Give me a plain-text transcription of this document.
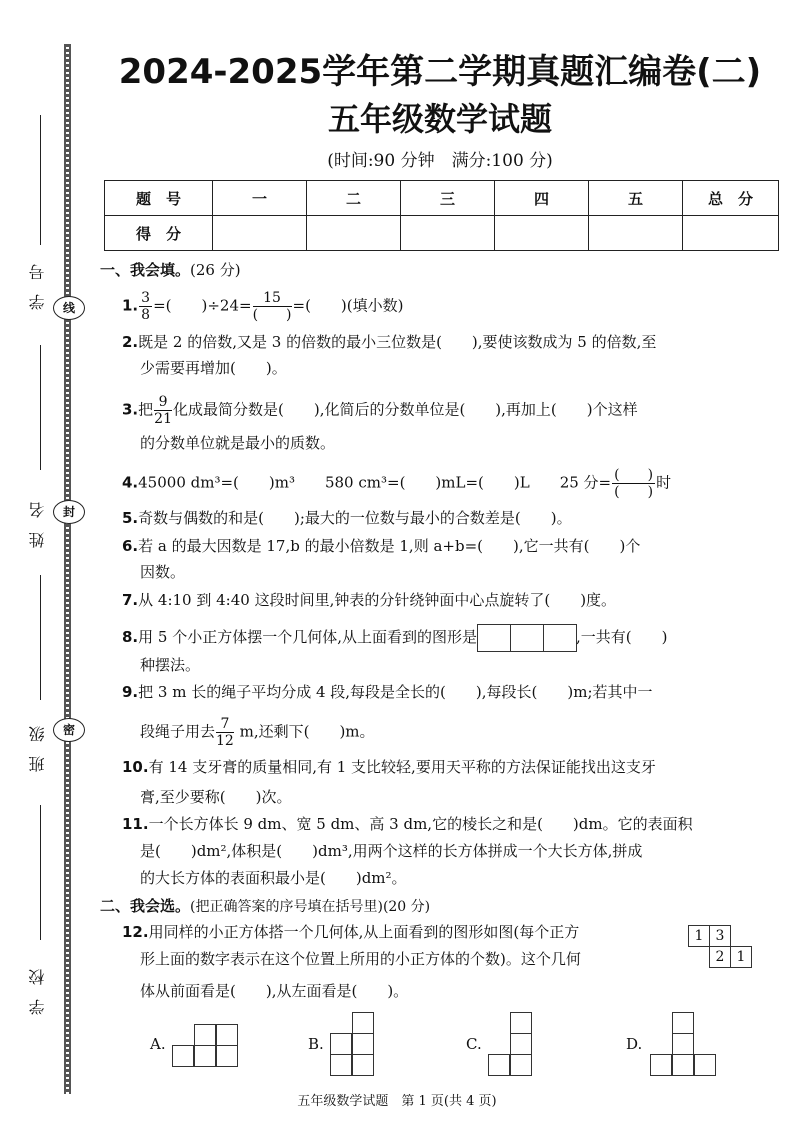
线
封
密
学号
姓名
班级
学校
2024-2025学年第二学期真题汇编卷(二)
五年级数学试题
(时间:90 分钟　满分:100 分)
题　号	一	二	三	四	五	总　分
得　分						
一、我会填。(26 分)
1. $\frac{3}{8}$ =(　　)$\div 24= \frac{15}{( )}$ =(　　)(填小数)
2.既是 2 的倍数,又是 3 的倍数的最小三位数是(　　),要使该数成为 5 的倍数,至
少需要再增加(　　)。
3.把 $\frac{9}{21}$ 化成最简分数是(　　),化简后的分数单位是(　　),再加上(　　)个这样
的分数单位就是最小的质数。
4.45000 dm³=(　　)m³　　580 cm³=(　　)mL=(　　)L　　25 分= $\frac{( )}{( )}$ 时
5.奇数与偶数的和是(　　);最大的一位数与最小的合数差是(　　)。
6.若 a 的最大因数是 17,b 的最小倍数是 1,则 a+b=(　　),它一共有(　　)个
因数。
7.从 4:10 到 4:40 这段时间里,钟表的分针绕钟面中心点旋转了(　　)度。
8.用 5 个小正方体摆一个几何体,从上面看到的图形是	,一共有(　　)
种摆法。
9.把 3 m 长的绳子平均分成 4 段,每段是全长的(　　),每段长(　　)m;若其中一
段绳子用去 $\frac{7}{12} m$,还剩下(　　)m。
10.有 14 支牙膏的质量相同,有 1 支比较轻,要用天平称的方法保证能找出这支牙
膏,至少要称(　　)次。
11.一个长方体长 9 dm、宽 5 dm、高 3 dm,它的棱长之和是(　　)dm。它的表面积
是(　　)dm²,体积是(　　)dm³,用两个这样的长方体拼成一个大长方体,拼成
的大长方体的表面积最小是(　　)dm²。
二、我会选。(把正确答案的序号填在括号里)(20 分)
12.用同样的小正方体搭一个几何体,从上面看到的图形如图(每个正方
形上面的数字表示在这个位置上所用的小正方体的个数)。这个几何
体从前面看是(　　),从左面看是(　　)。
1 3
2 1
A.	B.	C.	D.
五年级数学试题　第 1 页(共 4 页)
